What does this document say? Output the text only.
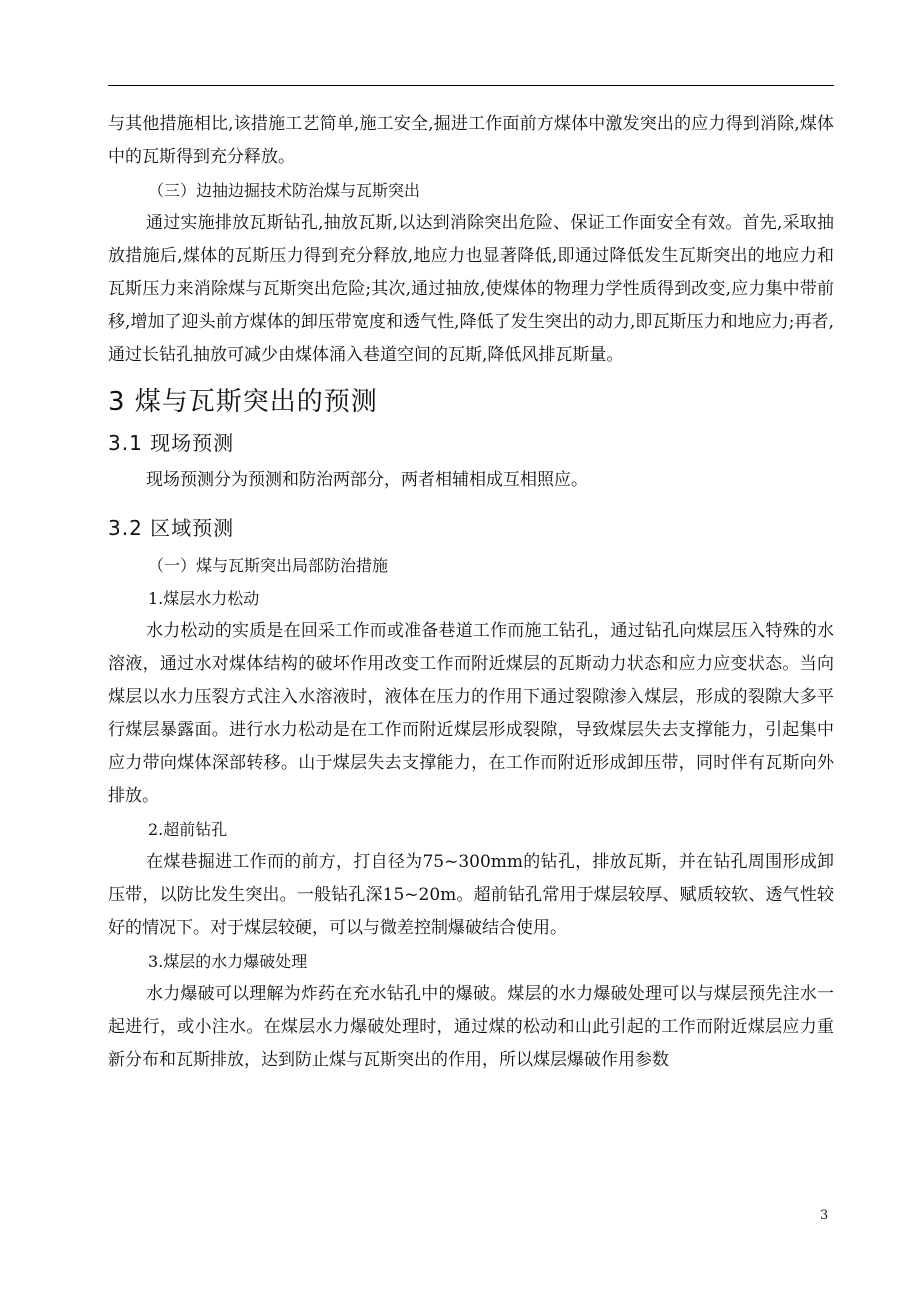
与其他措施相比,该措施工艺简单,施工安全,掘进工作面前方煤体中激发突出的应力得到消除,煤体中的瓦斯得到充分释放。

（三）边抽边掘技术防治煤与瓦斯突出

通过实施排放瓦斯钻孔,抽放瓦斯,以达到消除突出危险、保证工作面安全有效。首先,采取抽放措施后,煤体的瓦斯压力得到充分释放,地应力也显著降低,即通过降低发生瓦斯突出的地应力和瓦斯压力来消除煤与瓦斯突出危险;其次,通过抽放,使煤体的物理力学性质得到改变,应力集中带前移,增加了迎头前方煤体的卸压带宽度和透气性,降低了发生突出的动力,即瓦斯压力和地应力;再者,通过长钻孔抽放可减少由煤体涌入巷道空间的瓦斯,降低风排瓦斯量。

3 煤与瓦斯突出的预测
3.1 现场预测

现场预测分为预测和防治两部分，两者相辅相成互相照应。

3.2 区域预测

（一）煤与瓦斯突出局部防治措施

1.煤层水力松动

水力松动的实质是在回采工作而或准备巷道工作而施工钻孔，通过钻孔向煤层压入特殊的水溶液，通过水对煤体结构的破坏作用改变工作而附近煤层的瓦斯动力状态和应力应变状态。当向煤层以水力压裂方式注入水溶液时，液体在压力的作用下通过裂隙渗入煤层，形成的裂隙大多平行煤层暴露面。进行水力松动是在工作而附近煤层形成裂隙，导致煤层失去支撑能力，引起集中应力带向煤体深部转移。山于煤层失去支撑能力，在工作而附近形成卸压带，同时伴有瓦斯向外排放。

2.超前钻孔

在煤巷掘进工作而的前方，打自径为75~300mm的钻孔，排放瓦斯，并在钻孔周围形成卸压带，以防比发生突出。一般钻孔深15~20m。超前钻孔常用于煤层较厚、赋质较软、透气性较好的情况下。对于煤层较硬，可以与微差控制爆破结合使用。

3.煤层的水力爆破处理

水力爆破可以理解为炸药在充水钻孔中的爆破。煤层的水力爆破处理可以与煤层预先注水一起进行，或小注水。在煤层水力爆破处理时，通过煤的松动和山此引起的工作而附近煤层应力重新分布和瓦斯排放，达到防止煤与瓦斯突出的作用，所以煤层爆破作用参数

3
